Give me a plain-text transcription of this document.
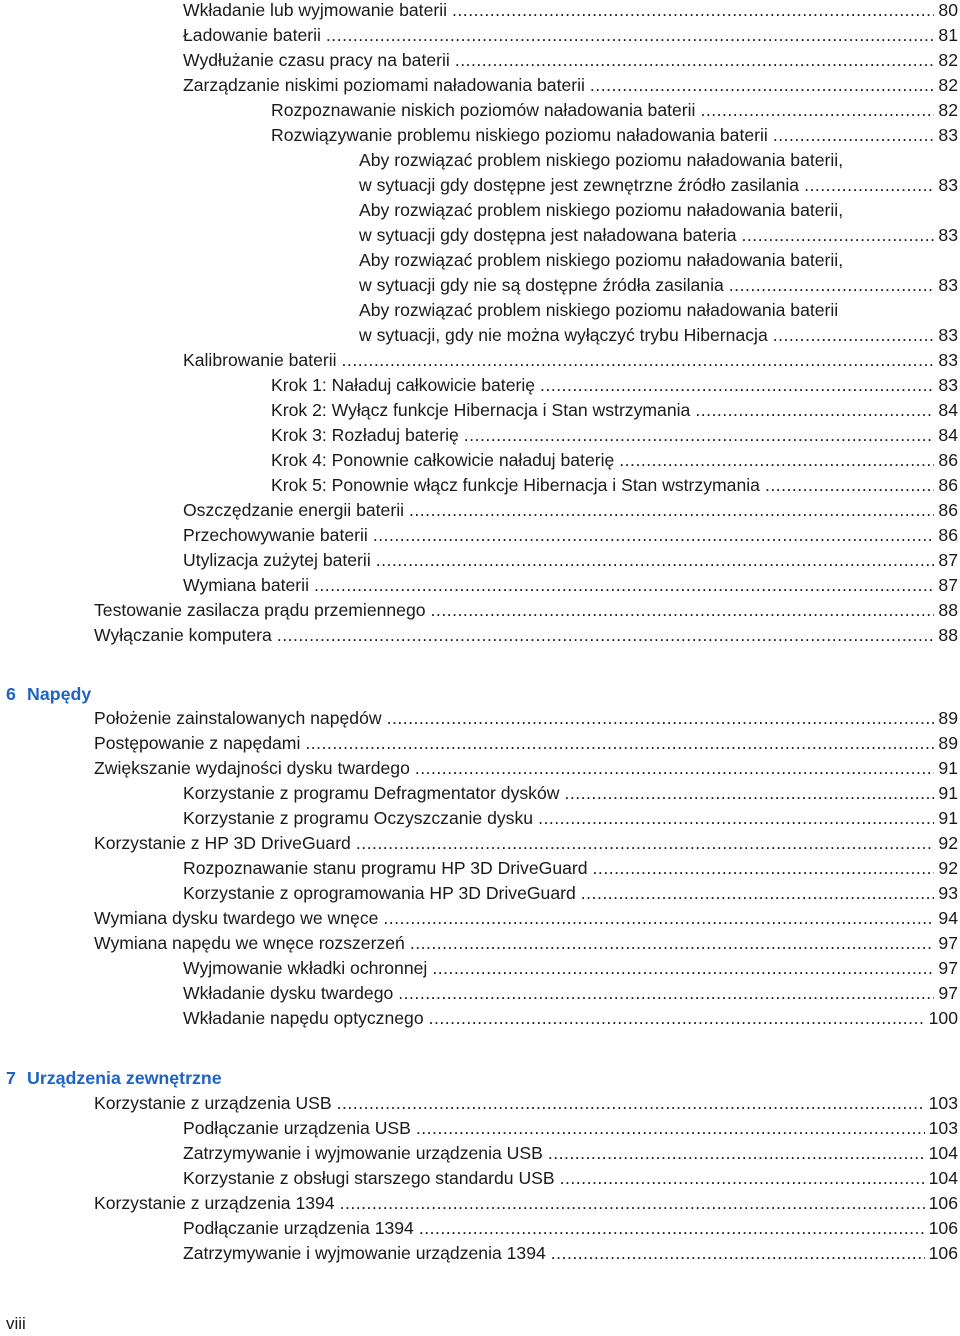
Wkładanie lub wyjmowanie baterii .....	80
Ładowanie baterii .....	81
Wydłużanie czasu pracy na baterii .....	82
Zarządzanie niskimi poziomami naładowania baterii .....	82
Rozpoznawanie niskich poziomów naładowania baterii .....	82
Rozwiązywanie problemu niskiego poziomu naładowania baterii .....	83
Aby rozwiązać problem niskiego poziomu naładowania baterii,
w sytuacji gdy dostępne jest zewnętrzne źródło zasilania .....	83
Aby rozwiązać problem niskiego poziomu naładowania baterii,
w sytuacji gdy dostępna jest naładowana bateria .....	83
Aby rozwiązać problem niskiego poziomu naładowania baterii,
w sytuacji gdy nie są dostępne źródła zasilania .....	83
Aby rozwiązać problem niskiego poziomu naładowania baterii
w sytuacji, gdy nie można wyłączyć trybu Hibernacja .....	83
Kalibrowanie baterii .....	83
Krok 1: Naładuj całkowicie baterię .....	83
Krok 2: Wyłącz funkcje Hibernacja i Stan wstrzymania .....	84
Krok 3: Rozładuj baterię .....	84
Krok 4: Ponownie całkowicie naładuj baterię .....	86
Krok 5: Ponownie włącz funkcje Hibernacja i Stan wstrzymania .....	86
Oszczędzanie energii baterii .....	86
Przechowywanie baterii .....	86
Utylizacja zużytej baterii .....	87
Wymiana baterii .....	87
Testowanie zasilacza prądu przemiennego .....	88
Wyłączanie komputera .....	88
6 Napędy
Położenie zainstalowanych napędów .....	89
Postępowanie z napędami .....	89
Zwiększanie wydajności dysku twardego .....	91
Korzystanie z programu Defragmentator dysków .....	91
Korzystanie z programu Oczyszczanie dysku .....	91
Korzystanie z HP 3D DriveGuard .....	92
Rozpoznawanie stanu programu HP 3D DriveGuard .....	92
Korzystanie z oprogramowania HP 3D DriveGuard .....	93
Wymiana dysku twardego we wnęce .....	94
Wymiana napędu we wnęce rozszerzeń .....	97
Wyjmowanie wkładki ochronnej .....	97
Wkładanie dysku twardego .....	97
Wkładanie napędu optycznego .....	100
7 Urządzenia zewnętrzne
Korzystanie z urządzenia USB .....	103
Podłączanie urządzenia USB .....	103
Zatrzymywanie i wyjmowanie urządzenia USB .....	104
Korzystanie z obsługi starszego standardu USB .....	104
Korzystanie z urządzenia 1394 .....	106
Podłączanie urządzenia 1394 .....	106
Zatrzymywanie i wyjmowanie urządzenia 1394 .....	106
viii
